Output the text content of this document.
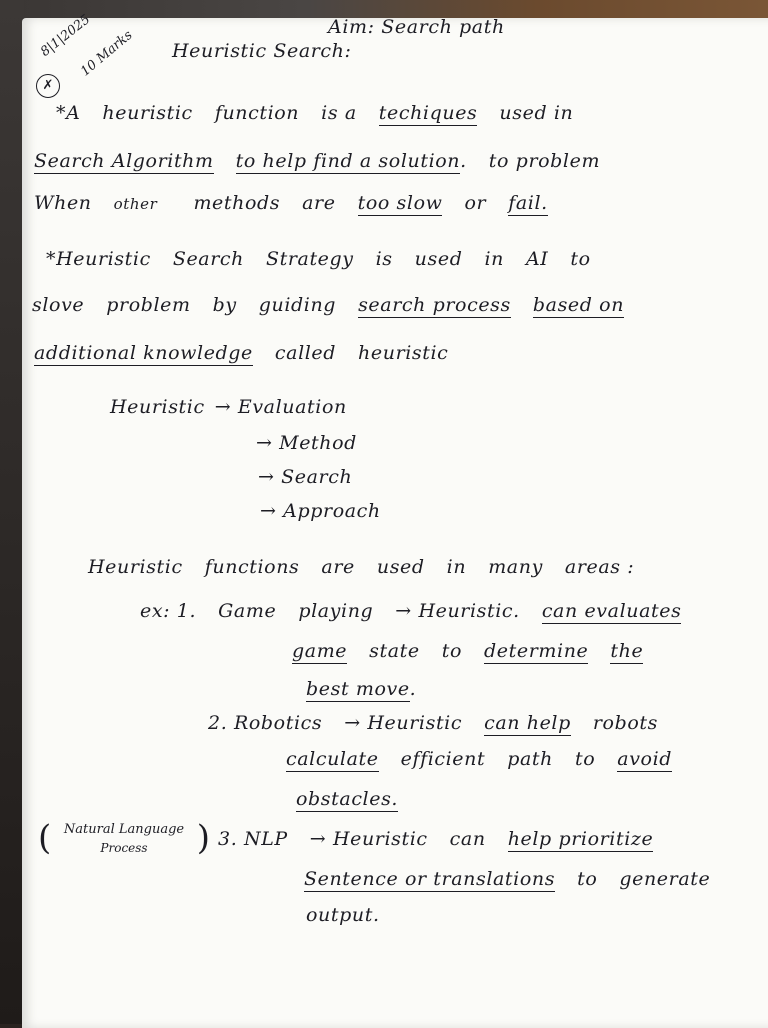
8|1|2025
✗
10 Marks
Aim: Search path
Heuristic Search:
*A heuristic function is a techiques used in
Search Algorithm to help find a solution. to problem
When other methods are too slow or fail.
*Heuristic Search Strategy is used in AI to
slove problem by guiding search process based on
additional knowledge called heuristic
Heuristic → Evaluation
→ Method
→ Search
→ Approach
Heuristic functions are used in many areas :
ex: 1. Game playing → Heuristic. can evaluates
game state to determine the
best move.
2. Robotics → Heuristic can help robots
calculate efficient path to avoid
obstacles.
( Natural Language
Process
)	3. NLP → Heuristic can help prioritize
Sentence or translations to generate
output.
